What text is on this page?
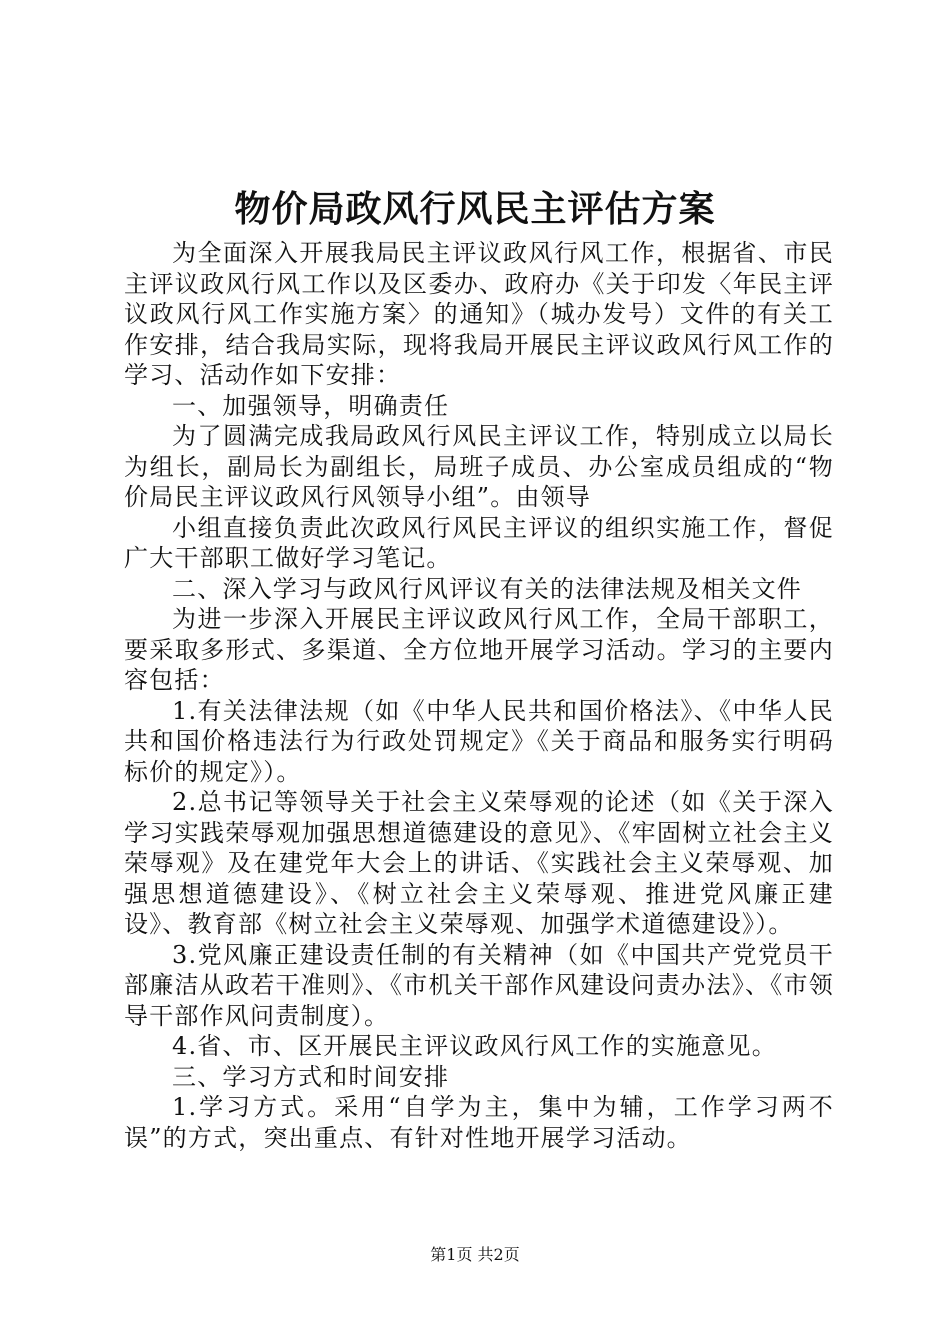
物价局政风行风民主评估方案

为全面深入开展我局民主评议政风行风工作，根据省、市民主评议政风行风工作以及区委办、政府办《关于印发〈年民主评议政风行风工作实施方案〉的通知》（城办发号）文件的有关工作安排，结合我局实际，现将我局开展民主评议政风行风工作的学习、活动作如下安排：

一、加强领导，明确责任

为了圆满完成我局政风行风民主评议工作，特别成立以局长为组长，副局长为副组长，局班子成员、办公室成员组成的“物价局民主评议政风行风领导小组”。由领导

小组直接负责此次政风行风民主评议的组织实施工作，督促广大干部职工做好学习笔记。

二、深入学习与政风行风评议有关的法律法规及相关文件

为进一步深入开展民主评议政风行风工作，全局干部职工，要采取多形式、多渠道、全方位地开展学习活动。学习的主要内容包括：

1.有关法律法规（如《中华人民共和国价格法》、《中华人民共和国价格违法行为行政处罚规定》《关于商品和服务实行明码标价的规定》）。

2.总书记等领导关于社会主义荣辱观的论述（如《关于深入学习实践荣辱观加强思想道德建设的意见》、《牢固树立社会主义荣辱观》及在建党年大会上的讲话、《实践社会主义荣辱观、加强思想道德建设》、《树立社会主义荣辱观、推进党风廉正建设》、教育部《树立社会主义荣辱观、加强学术道德建设》）。

3.党风廉正建设责任制的有关精神（如《中国共产党党员干部廉洁从政若干准则》、《市机关干部作风建设问责办法》、《市领导干部作风问责制度）。

4.省、市、区开展民主评议政风行风工作的实施意见。

三、学习方式和时间安排

1.学习方式。采用“自学为主，集中为辅，工作学习两不误”的方式，突出重点、有针对性地开展学习活动。

第1页 共2页
